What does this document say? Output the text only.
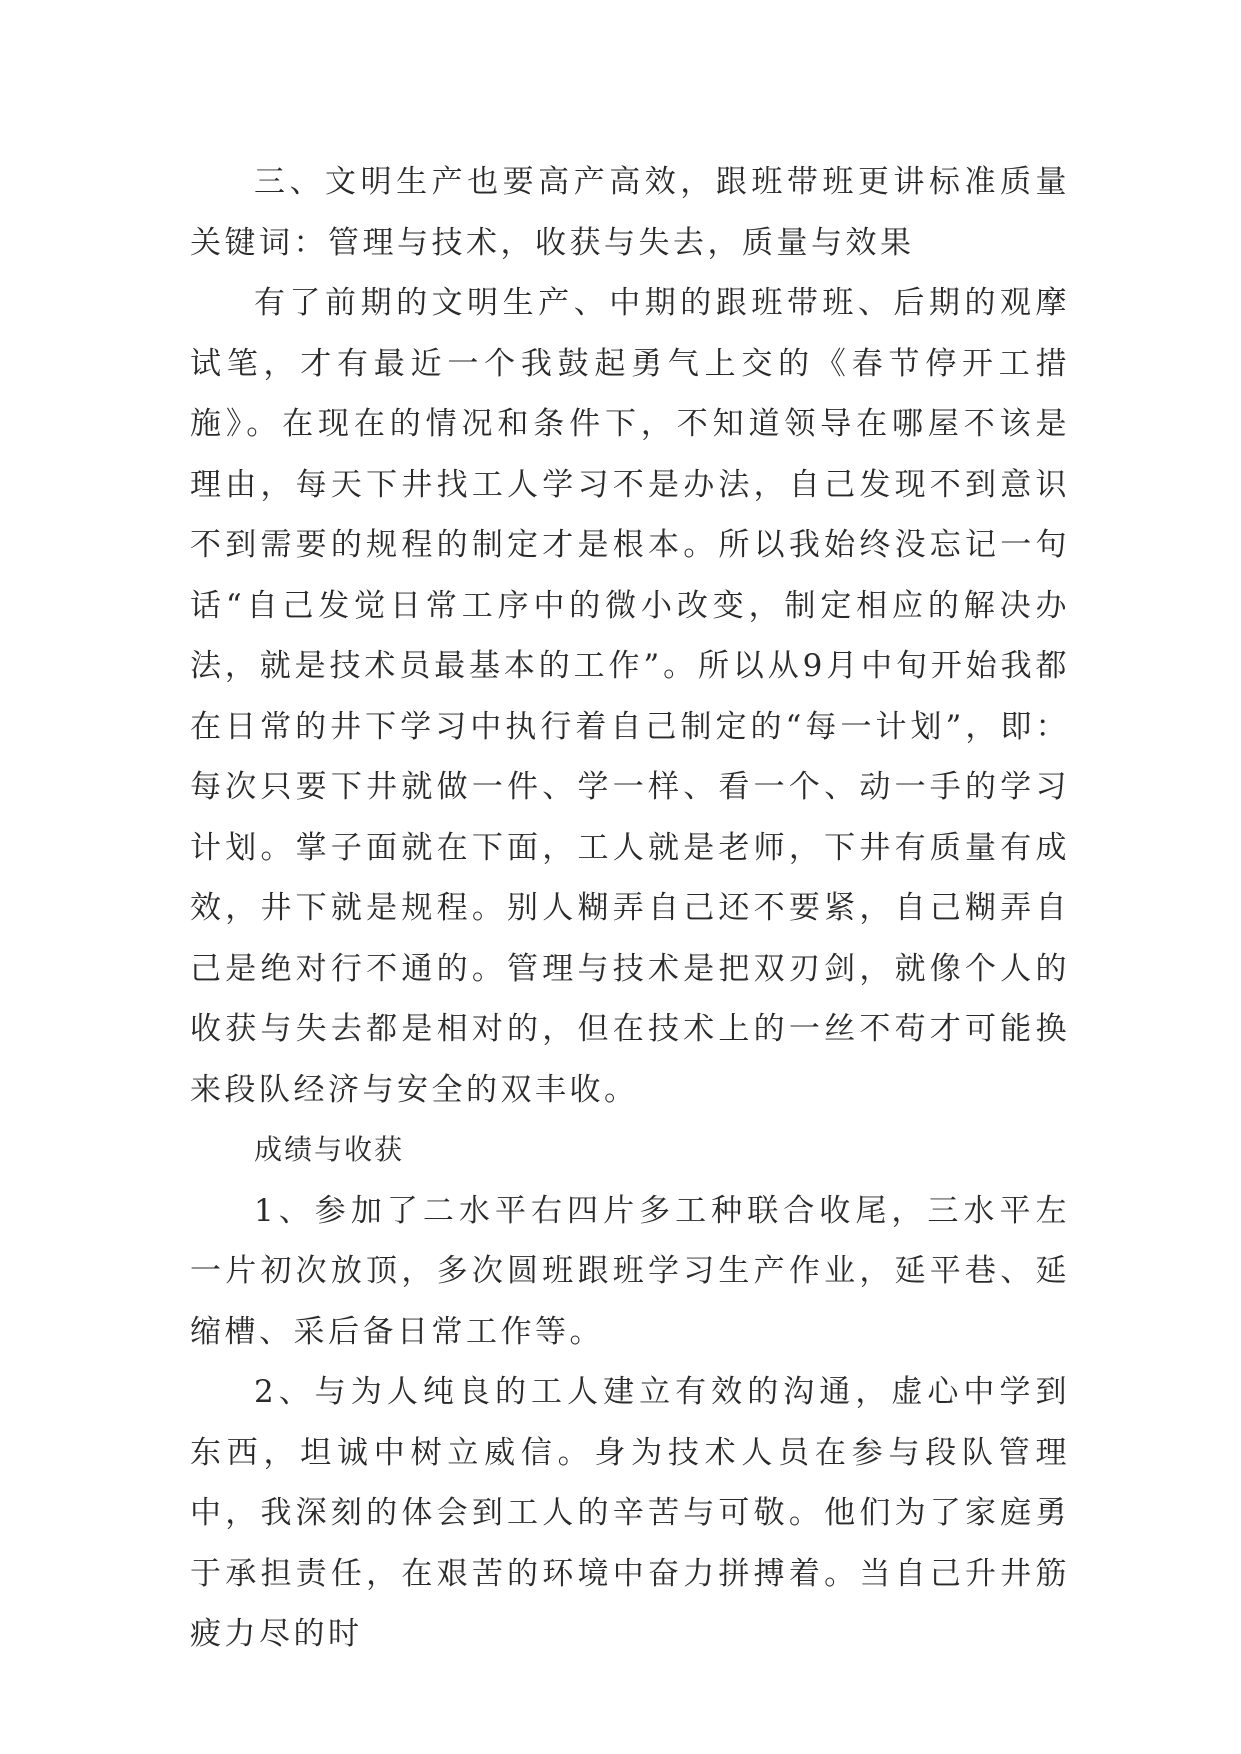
三、文明生产也要高产高效，跟班带班更讲标准质量关键词：管理与技术，收获与失去，质量与效果

有了前期的文明生产、中期的跟班带班、后期的观摩试笔，才有最近一个我鼓起勇气上交的《春节停开工措施》。在现在的情况和条件下，不知道领导在哪屋不该是理由，每天下井找工人学习不是办法，自己发现不到意识不到需要的规程的制定才是根本。所以我始终没忘记一句话“自己发觉日常工序中的微小改变，制定相应的解决办法，就是技术员最基本的工作”。所以从9月中旬开始我都在日常的井下学习中执行着自己制定的“每一计划”，即：每次只要下井就做一件、学一样、看一个、动一手的学习计划。掌子面就在下面，工人就是老师，下井有质量有成效，井下就是规程。别人糊弄自己还不要紧，自己糊弄自己是绝对行不通的。管理与技术是把双刃剑，就像个人的收获与失去都是相对的，但在技术上的一丝不苟才可能换来段队经济与安全的双丰收。

成绩与收获

1、参加了二水平右四片多工种联合收尾，三水平左一片初次放顶，多次圆班跟班学习生产作业，延平巷、延缩槽、采后备日常工作等。

2、与为人纯良的工人建立有效的沟通，虚心中学到东西，坦诚中树立威信。身为技术人员在参与段队管理中，我深刻的体会到工人的辛苦与可敬。他们为了家庭勇于承担责任，在艰苦的环境中奋力拼搏着。当自己升井筋疲力尽的时
